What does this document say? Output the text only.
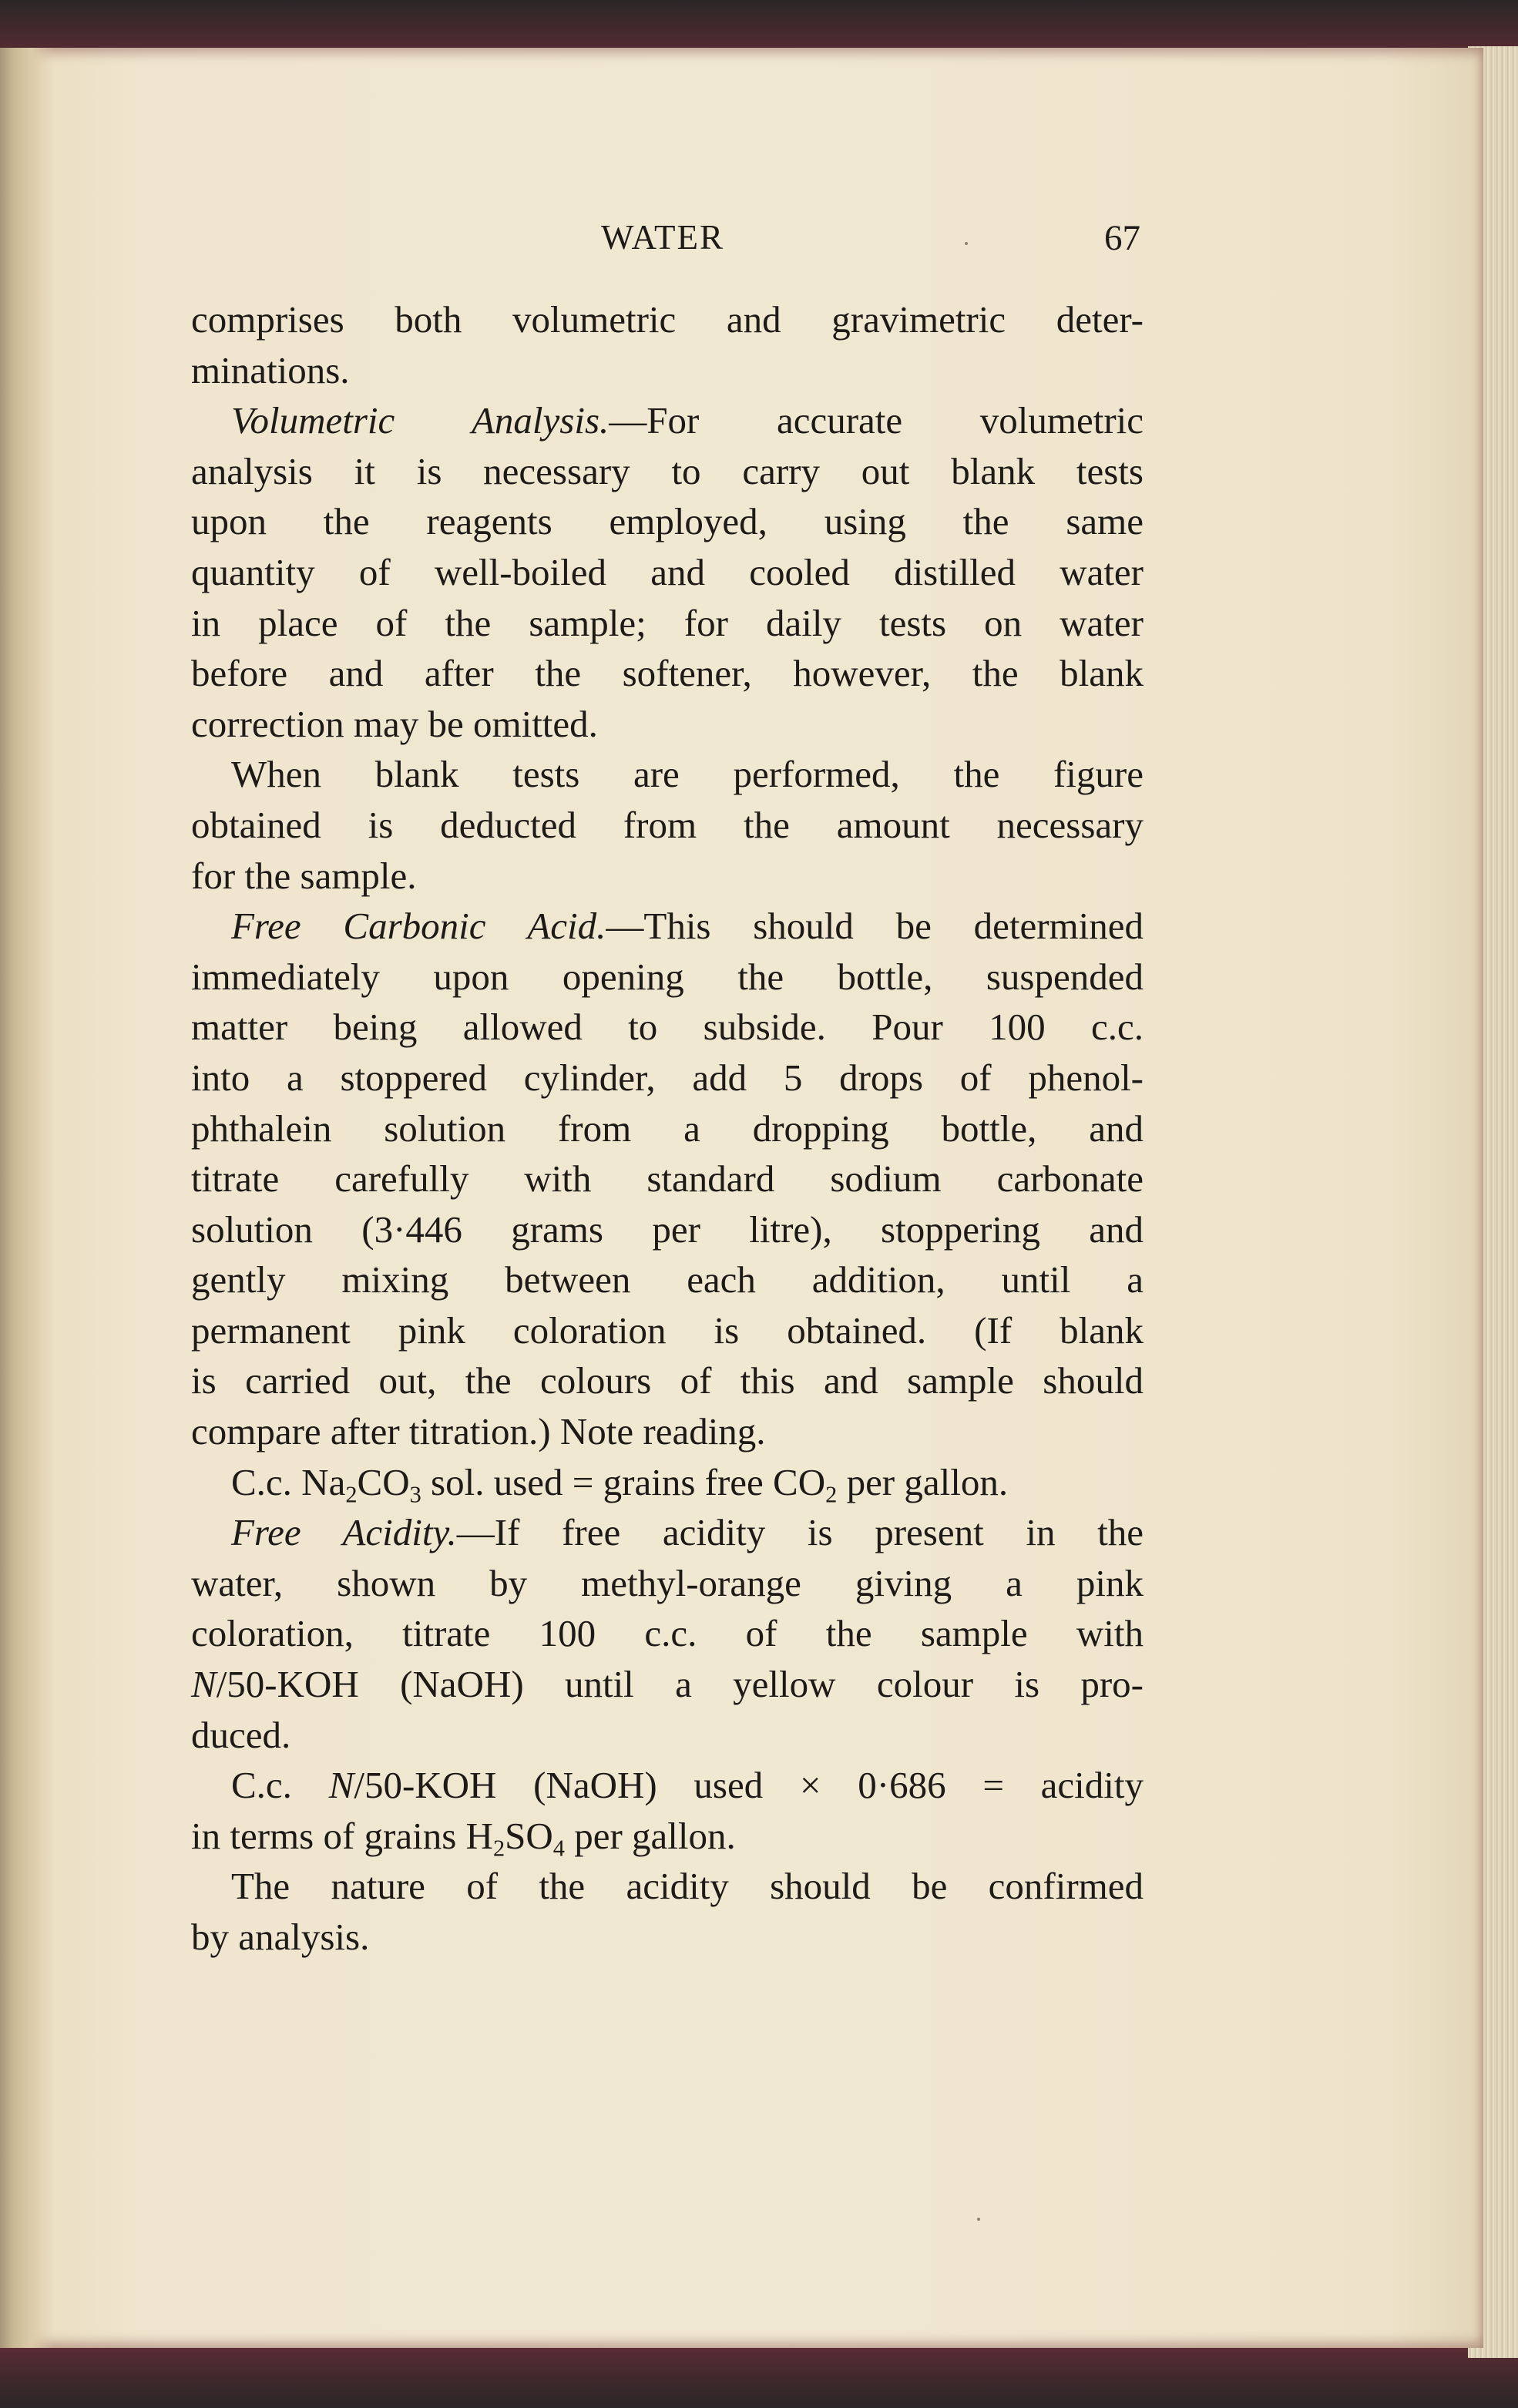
WATER	67
comprises both volumetric and gravimetric deter-
minations.
Volumetric Analysis.—For accurate volumetric
analysis it is necessary to carry out blank tests
upon the reagents employed, using the same
quantity of well-boiled and cooled distilled water
in place of the sample; for daily tests on water
before and after the softener, however, the blank
correction may be omitted.
When blank tests are performed, the figure
obtained is deducted from the amount necessary
for the sample.
Free Carbonic Acid.—This should be determined
immediately upon opening the bottle, suspended
matter being allowed to subside. Pour 100 c.c.
into a stoppered cylinder, add 5 drops of phenol-
phthalein solution from a dropping bottle, and
titrate carefully with standard sodium carbonate
solution (3·446 grams per litre), stoppering and
gently mixing between each addition, until a
permanent pink coloration is obtained. (If blank
is carried out, the colours of this and sample should
compare after titration.) Note reading.
C.c. $Na_2CO_3$ sol. used = grains free $CO_2$ per gallon.
Free Acidity.—If free acidity is present in the
water, shown by methyl-orange giving a pink
coloration, titrate 100 c.c. of the sample with
N/50-KOH (NaOH) until a yellow colour is pro-
duced.
C.c. N/50-KOH (NaOH) used × 0·686 = acidity
in terms of grains $H_2SO_4$ per gallon.
The nature of the acidity should be confirmed
by analysis.
